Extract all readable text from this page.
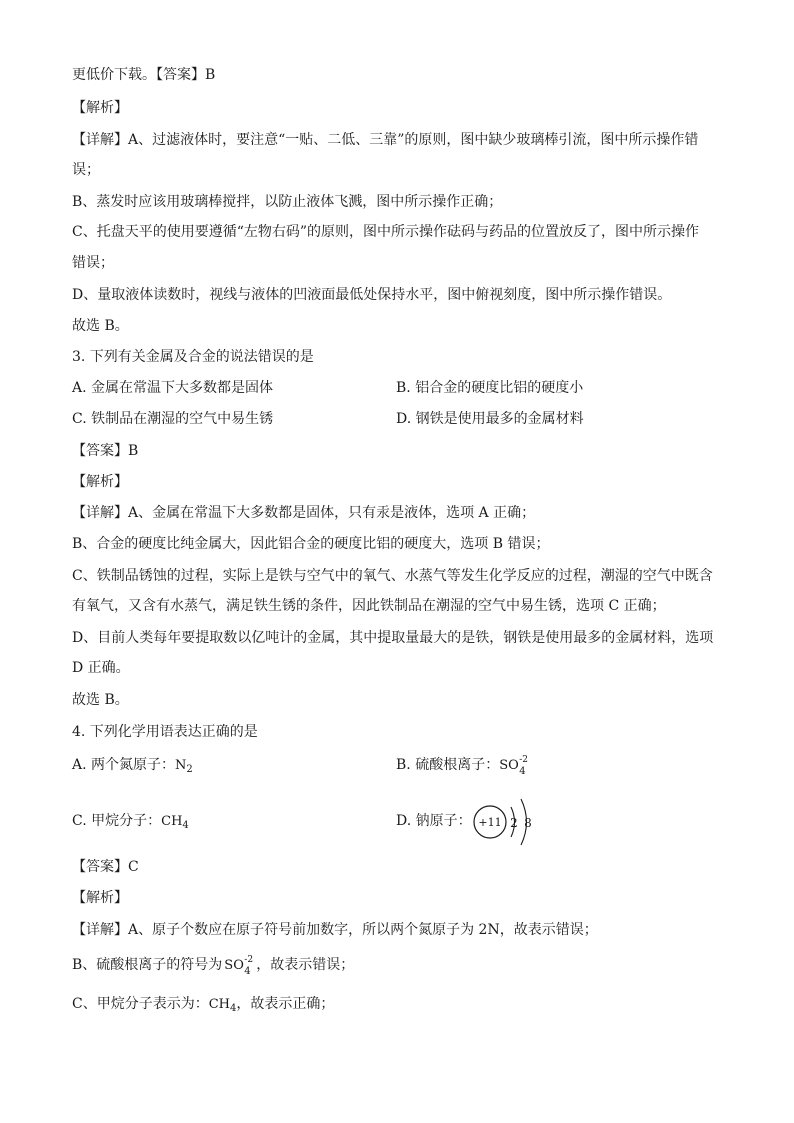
更低价下载。【答案】B
【解析】
【详解】A、过滤液体时，要注意“一贴、二低、三靠”的原则，图中缺少玻璃棒引流，图中所示操作错
误；
B、蒸发时应该用玻璃棒搅拌，以防止液体飞溅，图中所示操作正确；
C、托盘天平的使用要遵循“左物右码”的原则，图中所示操作砝码与药品的位置放反了，图中所示操作
错误；
D、量取液体读数时，视线与液体的凹液面最低处保持水平，图中俯视刻度，图中所示操作错误。
故选 B。
3. 下列有关金属及合金的说法错误的是
A. 金属在常温下大多数都是固体	B. 铝合金的硬度比铝的硬度小
C. 铁制品在潮湿的空气中易生锈	D. 钢铁是使用最多的金属材料
【答案】B
【解析】
【详解】A、金属在常温下大多数都是固体，只有汞是液体，选项 A 正确；
B、合金的硬度比纯金属大，因此铝合金的硬度比铝的硬度大，选项 B 错误；
C、铁制品锈蚀的过程，实际上是铁与空气中的氧气、水蒸气等发生化学反应的过程，潮湿的空气中既含
有氧气，又含有水蒸气，满足铁生锈的条件，因此铁制品在潮湿的空气中易生锈，选项 C 正确；
D、目前人类每年要提取数以亿吨计的金属，其中提取量最大的是铁，钢铁是使用最多的金属材料，选项
D 正确。
故选 B。
4. 下列化学用语表达正确的是
A. 两个氮原子：$N_2$	B. 硫酸根离子：SO 4
-2
C. 甲烷分子：$CH_4$	D. 钠原子： +11 2 8
【答案】C
【解析】
【详解】A、原子个数应在原子符号前加数字，所以两个氮原子为 2N，故表示错误；
B、硫酸根离子的符号为 SO 4
-2 ，故表示错误；
C、甲烷分子表示为：$CH_4$，故表示正确；
